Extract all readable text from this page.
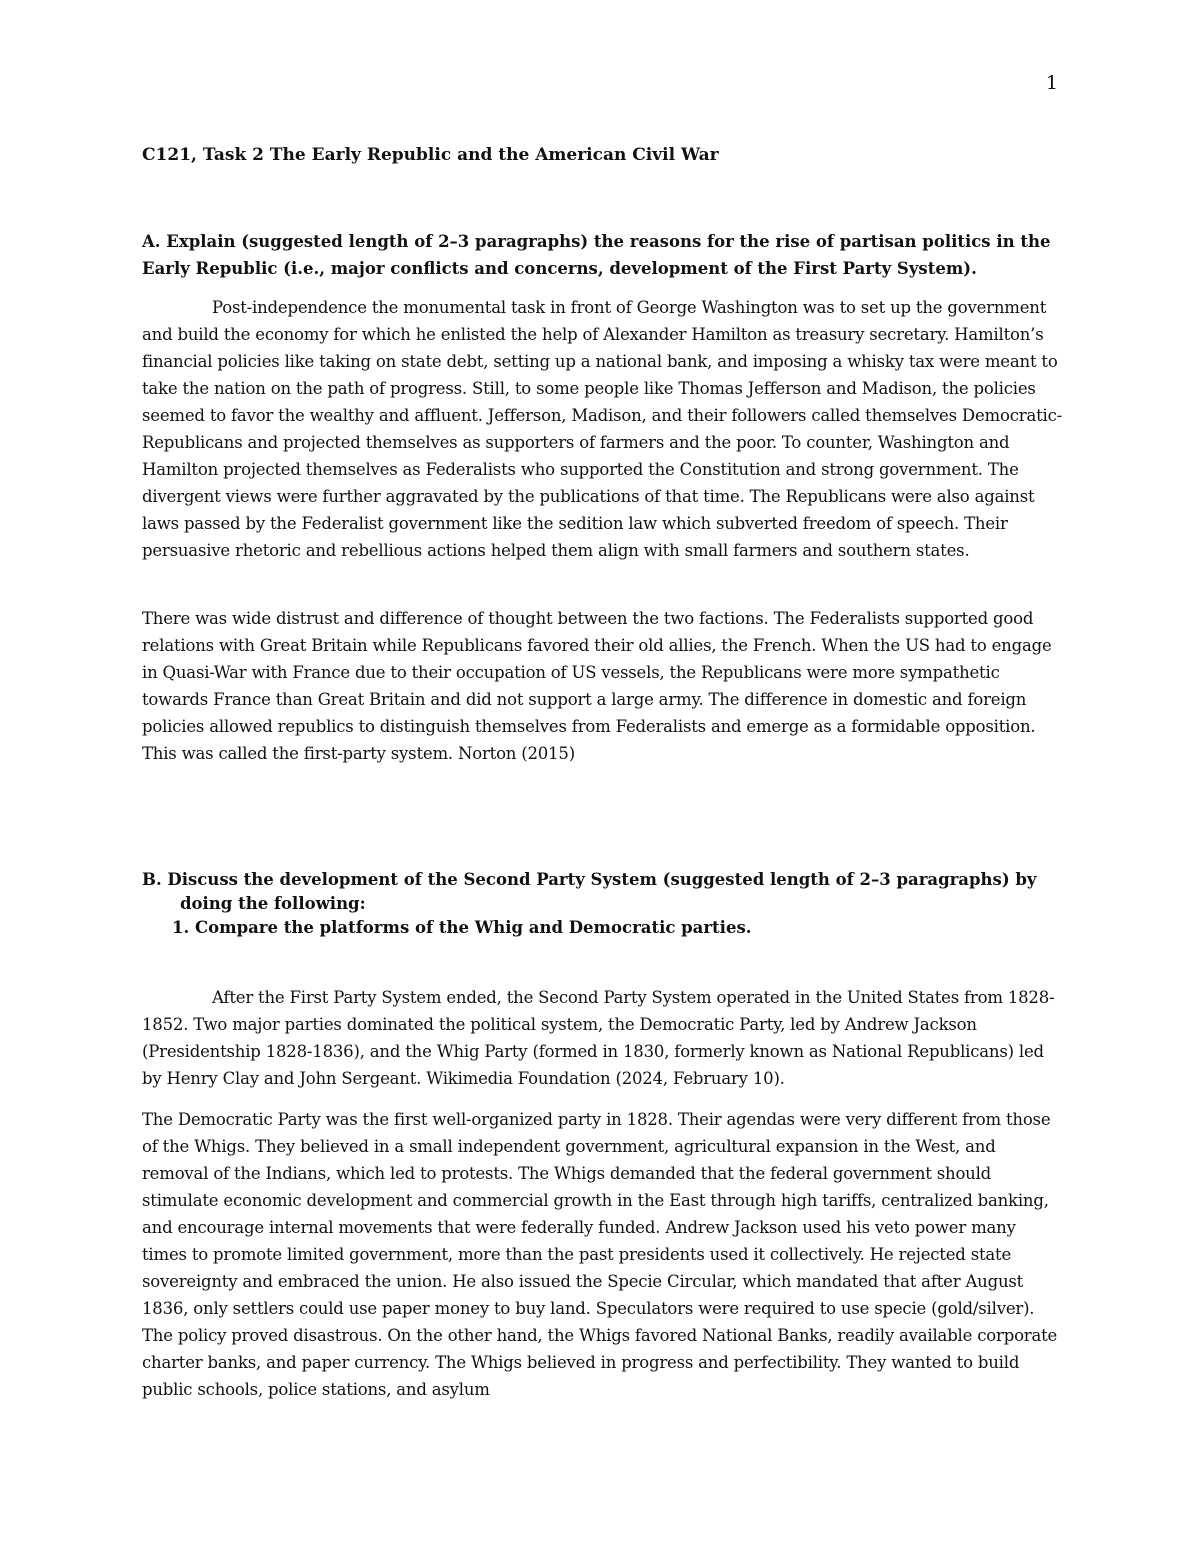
1
C121, Task 2 The Early Republic and the American Civil War
A. Explain (suggested length of 2–3 paragraphs) the reasons for the rise of partisan politics in the Early Republic (i.e., major conflicts and concerns, development of the First Party System).

Post-independence the monumental task in front of George Washington was to set up the government and build the economy for which he enlisted the help of Alexander Hamilton as treasury secretary. Hamilton’s financial policies like taking on state debt, setting up a national bank, and imposing a whisky tax were meant to take the nation on the path of progress. Still, to some people like Thomas Jefferson and Madison, the policies seemed to favor the wealthy and affluent. Jefferson, Madison, and their followers called themselves Democratic-Republicans and projected themselves as supporters of farmers and the poor. To counter, Washington and Hamilton projected themselves as Federalists who supported the Constitution and strong government. The divergent views were further aggravated by the publications of that time. The Republicans were also against laws passed by the Federalist government like the sedition law which subverted freedom of speech. Their persuasive rhetoric and rebellious actions helped them align with small farmers and southern states.

There was wide distrust and difference of thought between the two factions. The Federalists supported good relations with Great Britain while Republicans favored their old allies, the French. When the US had to engage in Quasi-War with France due to their occupation of US vessels, the Republicans were more sympathetic towards France than Great Britain and did not support a large army. The difference in domestic and foreign policies allowed republics to distinguish themselves from Federalists and emerge as a formidable opposition. This was called the first-party system. Norton (2015)

B. Discuss the development of the Second Party System (suggested length of 2–3 paragraphs) by
doing the following:
1. Compare the platforms of the Whig and Democratic parties.

After the First Party System ended, the Second Party System operated in the United States from 1828-1852. Two major parties dominated the political system, the Democratic Party, led by Andrew Jackson (Presidentship 1828-1836), and the Whig Party (formed in 1830, formerly known as National Republicans) led by Henry Clay and John Sergeant. Wikimedia Foundation (2024, February 10).

The Democratic Party was the first well-organized party in 1828. Their agendas were very different from those of the Whigs. They believed in a small independent government, agricultural expansion in the West, and removal of the Indians, which led to protests. The Whigs demanded that the federal government should stimulate economic development and commercial growth in the East through high tariffs, centralized banking, and encourage internal movements that were federally funded. Andrew Jackson used his veto power many times to promote limited government, more than the past presidents used it collectively. He rejected state sovereignty and embraced the union. He also issued the Specie Circular, which mandated that after August 1836, only settlers could use paper money to buy land. Speculators were required to use specie (gold/silver). The policy proved disastrous. On the other hand, the Whigs favored National Banks, readily available corporate charter banks, and paper currency. The Whigs believed in progress and perfectibility. They wanted to build public schools, police stations, and asylum
